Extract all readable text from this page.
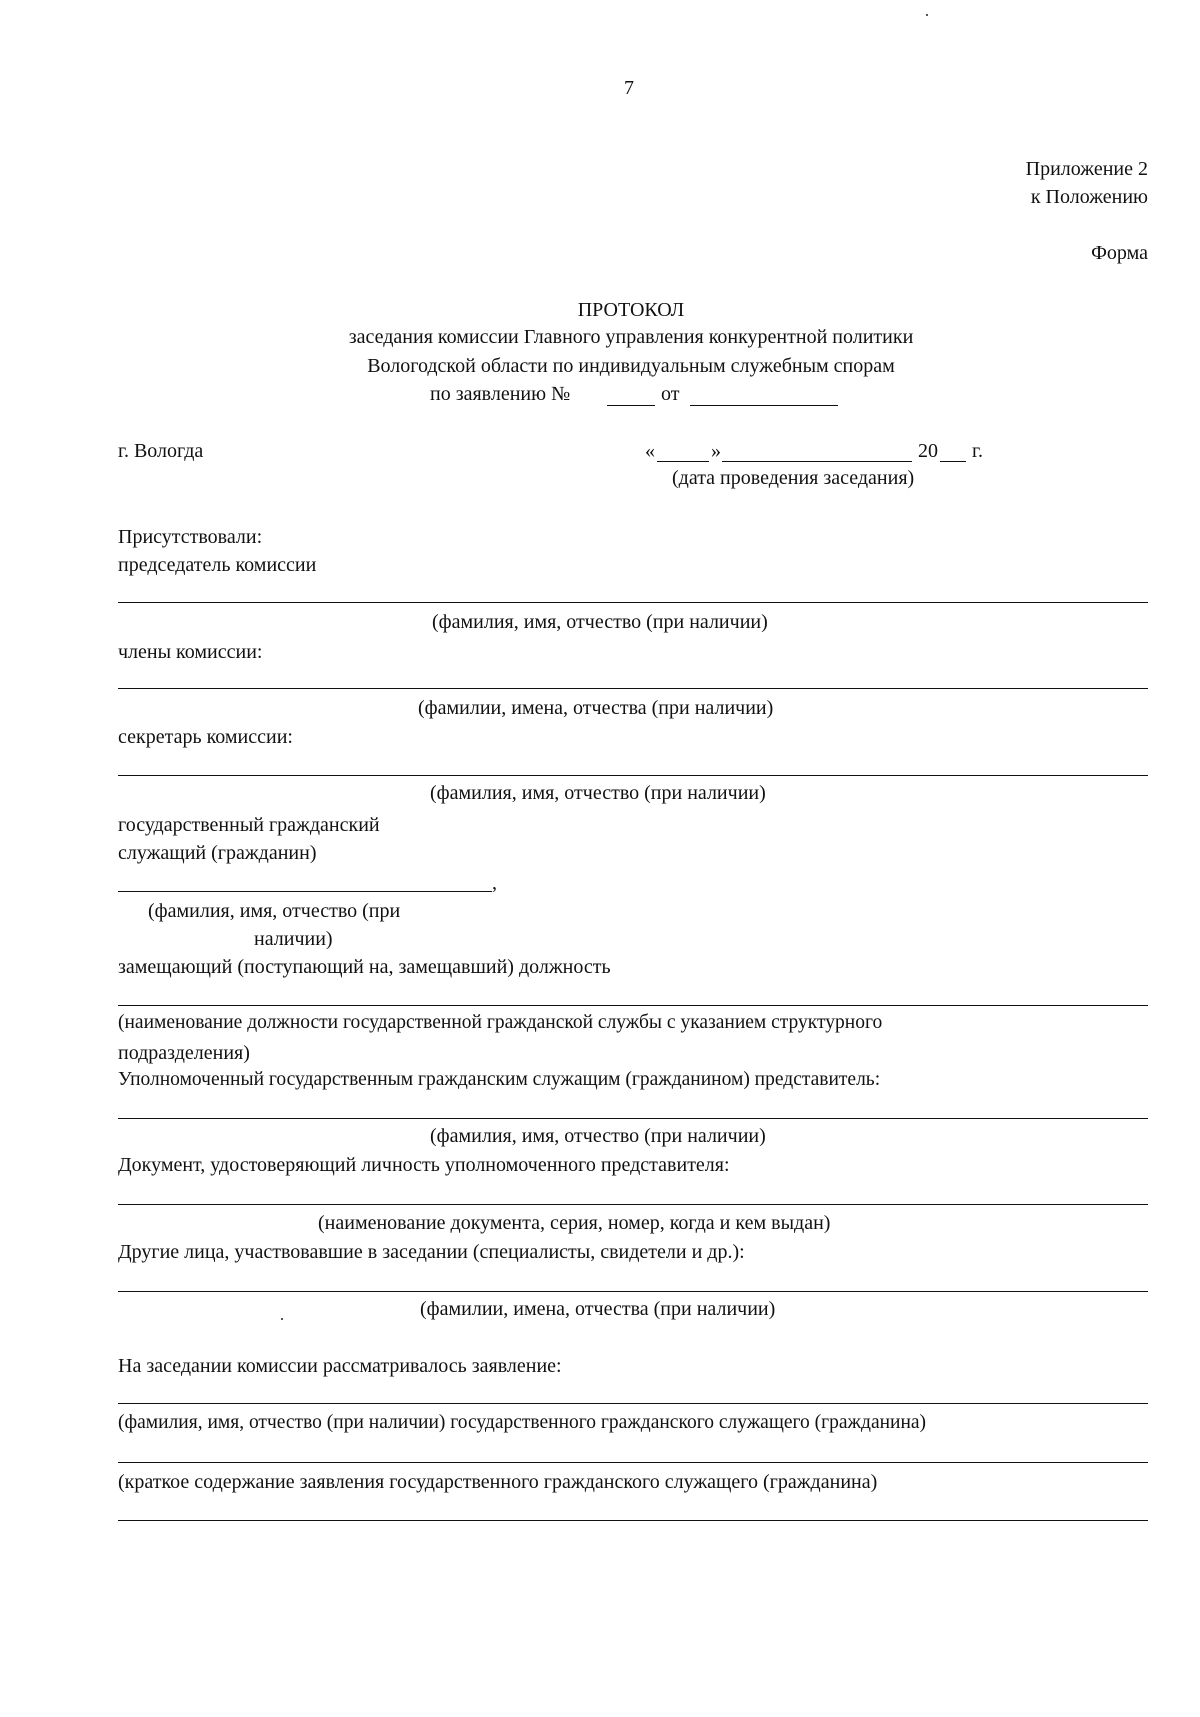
7
Приложение 2
к Положению
Форма
ПРОТОКОЛ
заседания комиссии Главного управления конкурентной политики
Вологодской области по индивидуальным служебным спорам
по заявлению №	от
г. Вологда	«	»	20 г.
(дата проведения заседания)
Присутствовали:
председатель комиссии
(фамилия, имя, отчество (при наличии)
члены комиссии:
(фамилии, имена, отчества (при наличии)
секретарь комиссии:
(фамилия, имя, отчество (при наличии)
государственный гражданский
служащий (гражданин)
,
(фамилия, имя, отчество (при
наличии)
замещающий (поступающий на, замещавший) должность
(наименование должности государственной гражданской службы с указанием структурного
подразделения)
Уполномоченный государственным гражданским служащим (гражданином) представитель:
(фамилия, имя, отчество (при наличии)
Документ, удостоверяющий личность уполномоченного представителя:
(наименование документа, серия, номер, когда и кем выдан)
Другие лица, участвовавшие в заседании (специалисты, свидетели и др.):
(фамилии, имена, отчества (при наличии)
На заседании комиссии рассматривалось заявление:
(фамилия, имя, отчество (при наличии) государственного гражданского служащего (гражданина)
(краткое содержание заявления государственного гражданского служащего (гражданина)
